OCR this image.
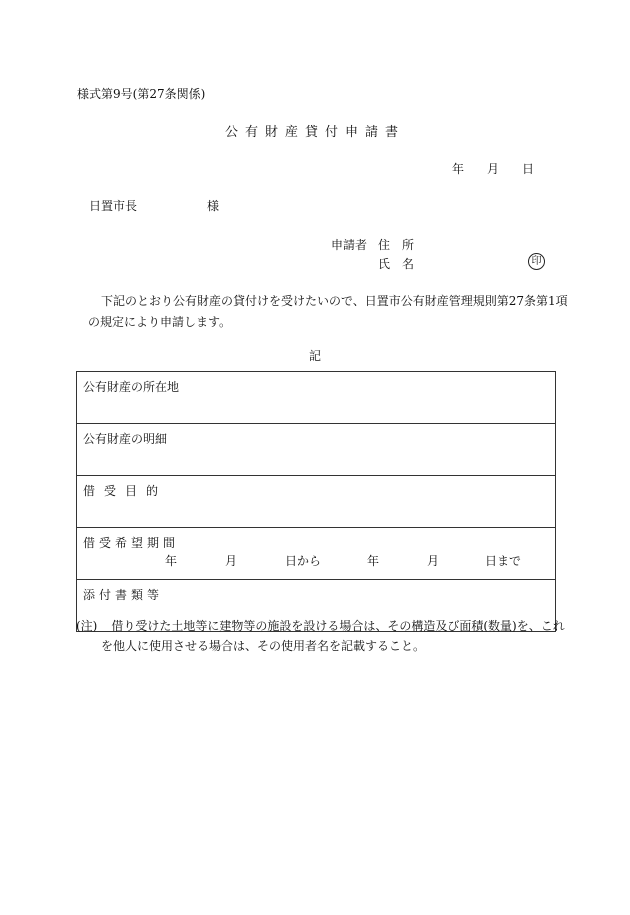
様式第9号(第27条関係)
公有財産貸付申請書
年 月 日
日置市長	様
申請者 住　所
氏　名	印
下記のとおり公有財産の貸付けを受けたいので、日置市公有財産管理規則第27条第1項
の規定により申請します。
記
公有財産の所在地
公有財産の明細
借受目的
借受希望期間
年	月	日から	年	月	日まで

添付書類等
(注) 借り受けた土地等に建物等の施設を設ける場合は、その構造及び面積(数量)を、これ
を他人に使用させる場合は、その使用者名を記載すること。
